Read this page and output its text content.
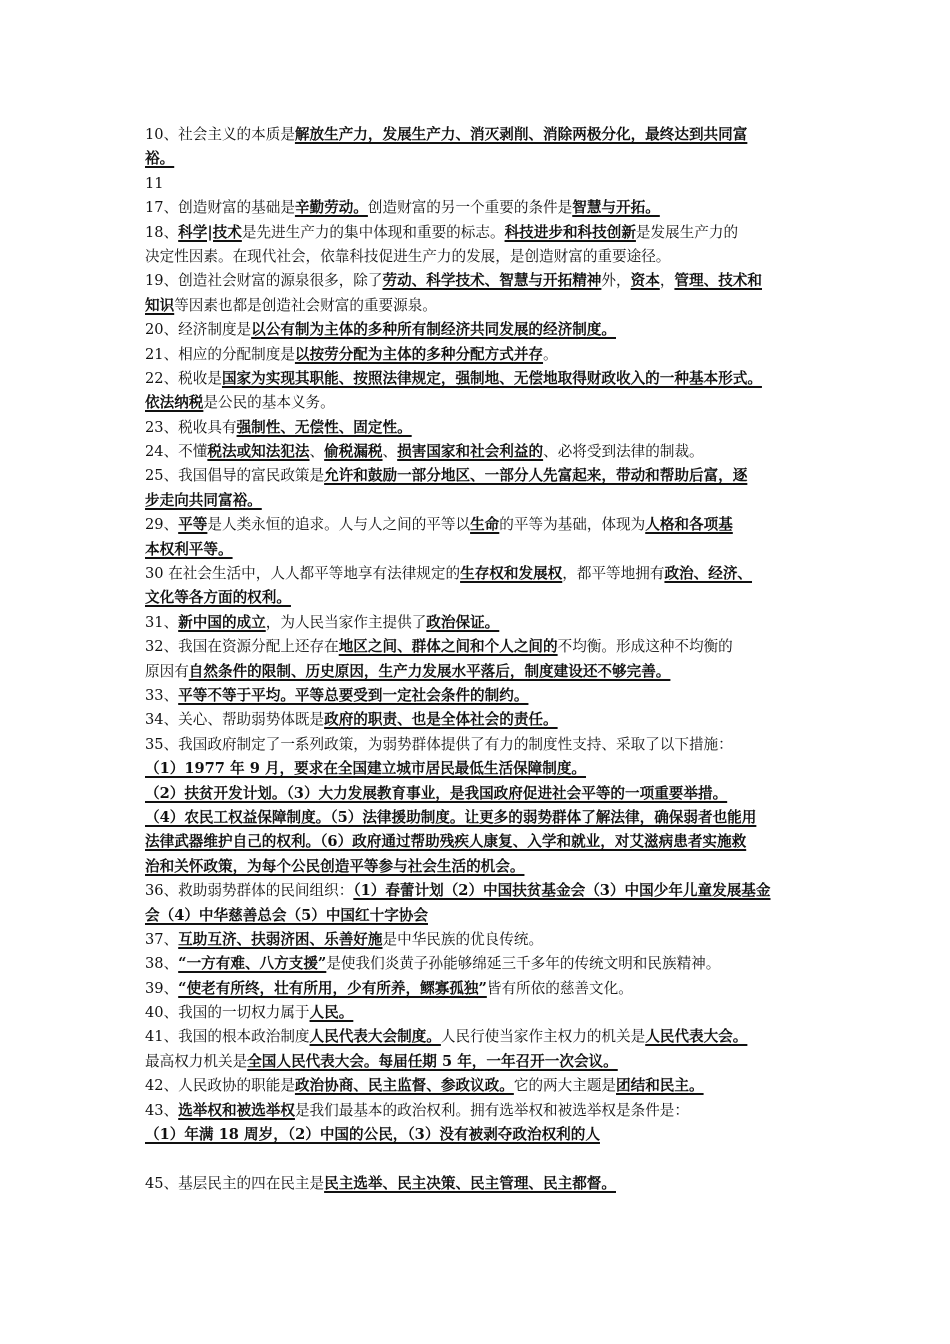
10、社会主义的本质是解放生产力，发展生产力、消灭剥削、消除两极分化，最终达到共同富
裕。
11
17、创造财富的基础是辛勤劳动。创造财富的另一个重要的条件是智慧与开拓。
18、科学|技术是先进生产力的集中体现和重要的标志。科技进步和科技创新是发展生产力的
决定性因素。在现代社会，依靠科技促进生产力的发展，是创造财富的重要途径。
19、创造社会财富的源泉很多，除了劳动、科学技术、智慧与开拓精神外，资本，管理、技术和
知识等因素也都是创造社会财富的重要源泉。
20、经济制度是以公有制为主体的多种所有制经济共同发展的经济制度。
21、相应的分配制度是以按劳分配为主体的多种分配方式并存。
22、税收是国家为实现其职能、按照法律规定，强制地、无偿地取得财政收入的一种基本形式。
依法纳税是公民的基本义务。
23、税收具有强制性、无偿性、固定性。
24、不懂税法或知法犯法、偷税漏税、损害国家和社会利益的、必将受到法律的制裁。
25、我国倡导的富民政策是允许和鼓励一部分地区、一部分人先富起来，带动和帮助后富，逐
步走向共同富裕。
29、平等是人类永恒的追求。人与人之间的平等以生命的平等为基础，体现为人格和各项基
本权利平等。
30 在社会生活中，人人都平等地享有法律规定的生存权和发展权，都平等地拥有政治、经济、
文化等各方面的权利。
31、新中国的成立，为人民当家作主提供了政治保证。
32、我国在资源分配上还存在地区之间、群体之间和个人之间的不均衡。形成这种不均衡的
原因有自然条件的限制、历史原因，生产力发展水平落后，制度建设还不够完善。
33、平等不等于平均。平等总要受到一定社会条件的制约。
34、关心、帮助弱势体既是政府的职责、也是全体社会的责任。
35、我国政府制定了一系列政策，为弱势群体提供了有力的制度性支持、采取了以下措施：
（1）1977 年 9 月，要求在全国建立城市居民最低生活保障制度。
（2）扶贫开发计划。（3）大力发展教育事业，是我国政府促进社会平等的一项重要举措。
（4）农民工权益保障制度。（5）法律援助制度。让更多的弱势群体了解法律，确保弱者也能用
法律武器维护自己的权利。（6）政府通过帮助残疾人康复、入学和就业，对艾滋病患者实施救
治和关怀政策，为每个公民创造平等参与社会生活的机会。
36、救助弱势群体的民间组织：（1）春蕾计划（2）中国扶贫基金会（3）中国少年儿童发展基金
会（4）中华慈善总会（5）中国红十字协会
37、互助互济、扶弱济困、乐善好施是中华民族的优良传统。
38、“一方有难、八方支援”是使我们炎黄子孙能够绵延三千多年的传统文明和民族精神。
39、“使老有所终，壮有所用，少有所养，鳏寡孤独”皆有所依的慈善文化。
40、我国的一切权力属于人民。
41、我国的根本政治制度人民代表大会制度。人民行使当家作主权力的机关是人民代表大会。
最高权力机关是全国人民代表大会。每届任期 5 年，一年召开一次会议。
42、人民政协的职能是政治协商、民主监督、参政议政。它的两大主题是团结和民主。
43、选举权和被选举权是我们最基本的政治权利。拥有选举权和被选举权是条件是：
（1）年满 18 周岁，（2）中国的公民，（3）没有被剥夺政治权利的人
45、基层民主的四在民主是民主选举、民主决策、民主管理、民主都督。
